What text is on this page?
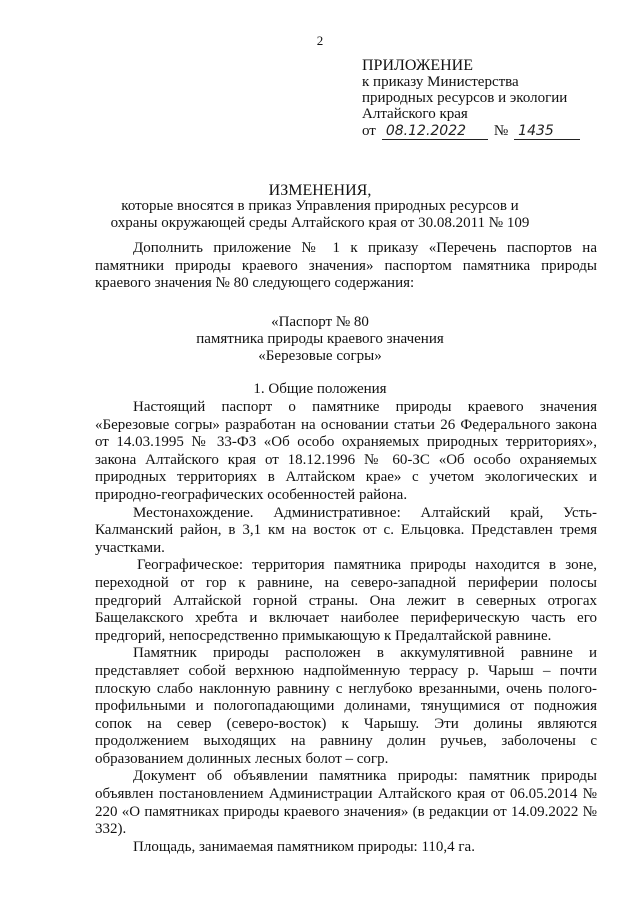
2
ПРИЛОЖЕНИЕ
к приказу Министерства
природных ресурсов и экологии
Алтайского края
от 08.12.2022	№ 1435
ИЗМЕНЕНИЯ,
которые вносятся в приказ Управления природных ресурсов и
охраны окружающей среды Алтайского края от 30.08.2011 № 109

Дополнить приложение № 1 к приказу «Перечень паспортов на памятники природы краевого значения» паспортом памятника природы краевого значения № 80 следующего содержания:

«Паспорт № 80
памятника природы краевого значения
«Березовые согры»
1. Общие положения

Настоящий паспорт о памятнике природы краевого значения «Березовые согры» разработан на основании статьи 26 Федерального закона от 14.03.1995 № 33-ФЗ «Об особо охраняемых природных территориях», закона Алтайского края от 18.12.1996 № 60-ЗС «Об особо охраняемых природных территориях в Алтайском крае» с учетом экологических и природно-географических особенностей района.

Местонахождение. Административное: Алтайский край, Усть-Калманский район, в 3,1 км на восток от с. Ельцовка. Представлен тремя участками.

Географическое: территория памятника природы находится в зоне, переходной от гор к равнине, на северо-западной периферии полосы предгорий Алтайской горной страны. Она лежит в северных отрогах Бащелакского хребта и включает наиболее периферическую часть его предгорий, непосредственно примыкающую к Предалтайской равнине.

Памятник природы расположен в аккумулятивной равнине и представляет собой верхнюю надпойменную террасу р. Чарыш – почти плоскую слабо наклонную равнину с неглубоко врезанными, очень пологопрофильными и пологопадающими долинами, тянущимися от подножия сопок на север (северо-восток) к Чарышу. Эти долины являются продолжением выходящих на равнину долин ручьев, заболочены с образованием долинных лесных болот – согр.

Документ об объявлении памятника природы: памятник природы объявлен постановлением Администрации Алтайского края от 06.05.2014 № 220 «О памятниках природы краевого значения» (в редакции от 14.09.2022 № 332).

Площадь, занимаемая памятником природы: 110,4 га.
